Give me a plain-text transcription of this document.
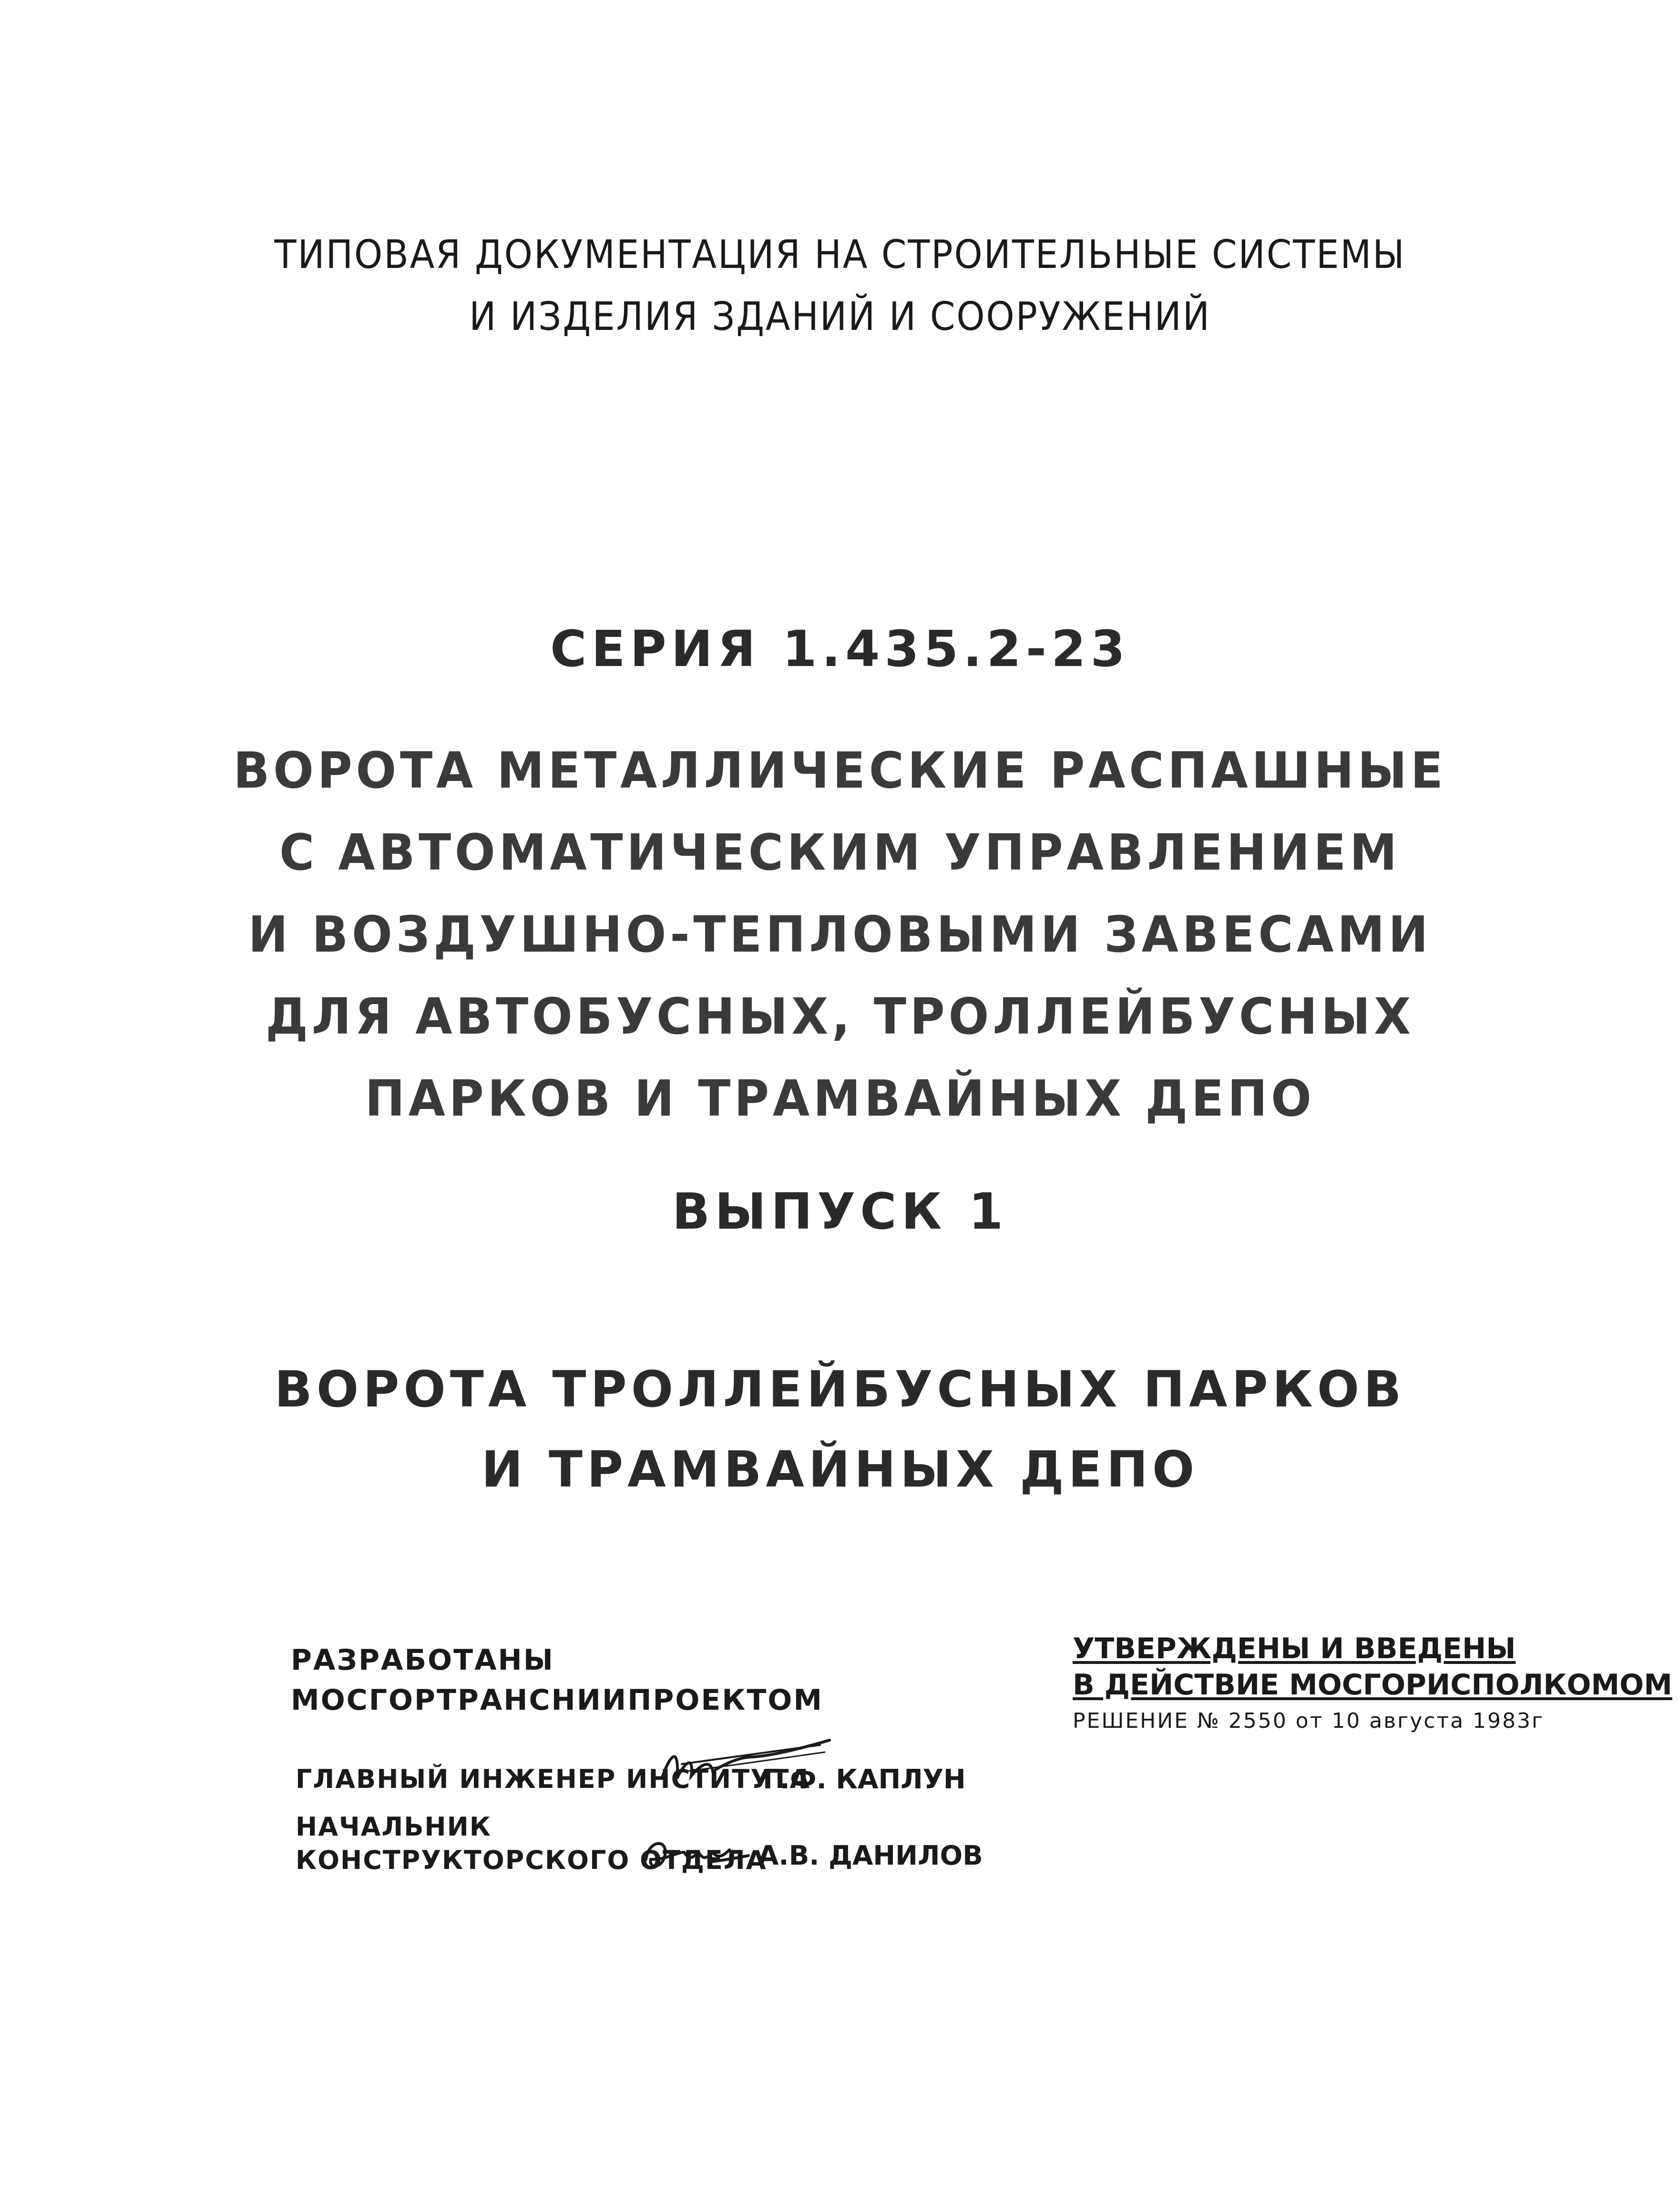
ТИПОВАЯ ДОКУМЕНТАЦИЯ НА СТРОИТЕЛЬНЫЕ СИСТЕМЫ
И ИЗДЕЛИЯ ЗДАНИЙ И СООРУЖЕНИЙ
СЕРИЯ 1.435.2-23
ВОРОТА МЕТАЛЛИЧЕСКИЕ РАСПАШНЫЕ
С АВТОМАТИЧЕСКИМ УПРАВЛЕНИЕМ
И ВОЗДУШНО-ТЕПЛОВЫМИ ЗАВЕСАМИ
ДЛЯ АВТОБУСНЫХ, ТРОЛЛЕЙБУСНЫХ
ПАРКОВ И ТРАМВАЙНЫХ ДЕПО
ВЫПУСК 1
ВОРОТА ТРОЛЛЕЙБУСНЫХ ПАРКОВ
И ТРАМВАЙНЫХ ДЕПО
РАЗРАБОТАНЫ
МОСГОРТРАНСНИИПРОЕКТОМ
УТВЕРЖДЕНЫ И ВВЕДЕНЫ
В ДЕЙСТВИЕ МОСГОРИСПОЛКОМОМ
РЕШЕНИЕ № 2550 от 10 августа 1983г
ГЛАВНЫЙ ИНЖЕНЕР ИНСТИТУТА
Г.Ф. КАПЛУН
НАЧАЛЬНИК
КОНСТРУКТОРСКОГО ОТДЕЛА
А.В. ДАНИЛОВ
